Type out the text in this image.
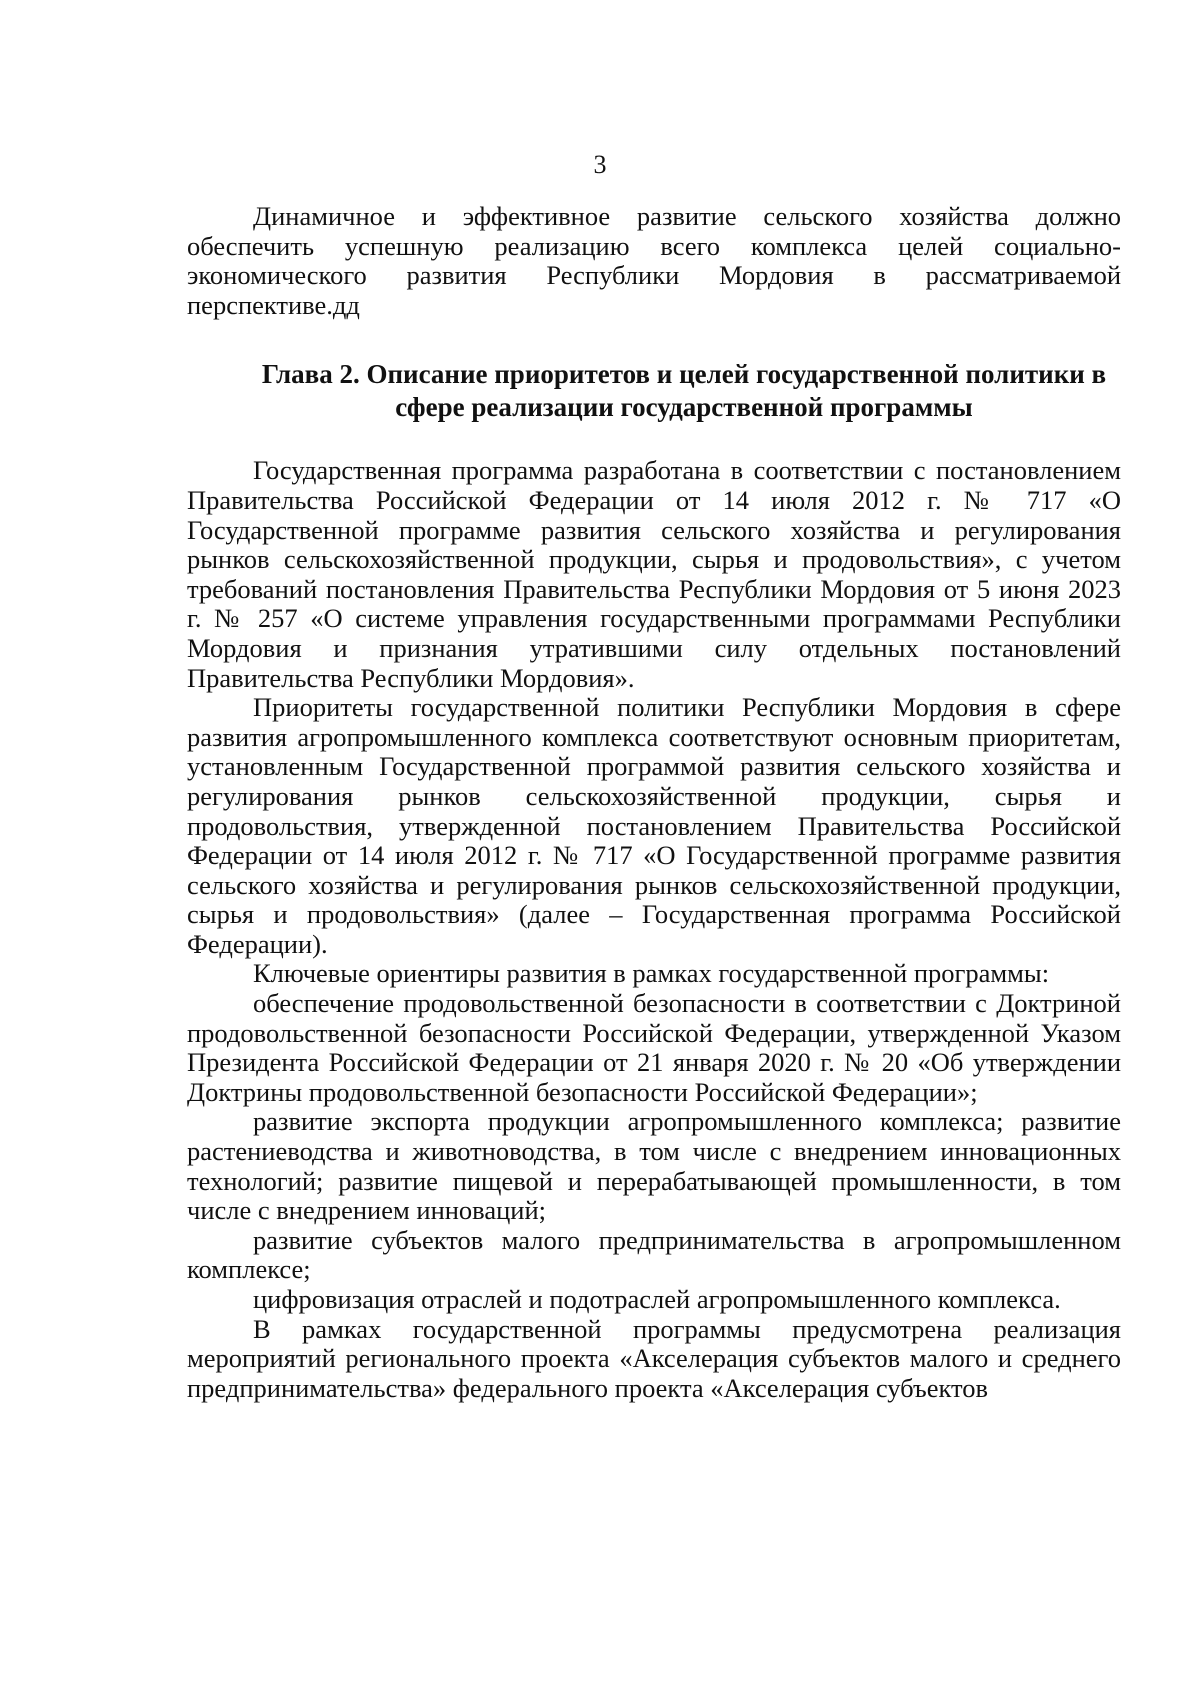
3

Динамичное и эффективное развитие сельского хозяйства должно обеспечить успешную реализацию всего комплекса целей социально-экономического развития Республики Мордовия в рассматриваемой перспективе.дд

Глава 2. Описание приоритетов и целей государственной политики в сфере реализации государственной программы

Государственная программа разработана в соответствии с постановлением Правительства Российской Федерации от 14 июля 2012 г. № 717 «О Государственной программе развития сельского хозяйства и регулирования рынков сельскохозяйственной продукции, сырья и продовольствия», с учетом требований постановления Правительства Республики Мордовия от 5 июня 2023 г. № 257 «О системе управления государственными программами Республики Мордовия и признания утратившими силу отдельных постановлений Правительства Республики Мордовия».

Приоритеты государственной политики Республики Мордовия в сфере развития агропромышленного комплекса соответствуют основным приоритетам, установленным Государственной программой развития сельского хозяйства и регулирования рынков сельскохозяйственной продукции, сырья и продовольствия, утвержденной постановлением Правительства Российской Федерации от 14 июля 2012 г. № 717 «О Государственной программе развития сельского хозяйства и регулирования рынков сельскохозяйственной продукции, сырья и продовольствия» (далее – Государственная программа Российской Федерации).

Ключевые ориентиры развития в рамках государственной программы:

обеспечение продовольственной безопасности в соответствии с Доктриной продовольственной безопасности Российской Федерации, утвержденной Указом Президента Российской Федерации от 21 января 2020 г. № 20 «Об утверждении Доктрины продовольственной безопасности Российской Федерации»;

развитие экспорта продукции агропромышленного комплекса; развитие растениеводства и животноводства, в том числе с внедрением инновационных технологий; развитие пищевой и перерабатывающей промышленности, в том числе с внедрением инноваций;

развитие субъектов малого предпринимательства в агропромышленном комплексе;

цифровизация отраслей и подотраслей агропромышленного комплекса.

В рамках государственной программы предусмотрена реализация мероприятий регионального проекта «Акселерация субъектов малого и среднего предпринимательства» федерального проекта «Акселерация субъектов
